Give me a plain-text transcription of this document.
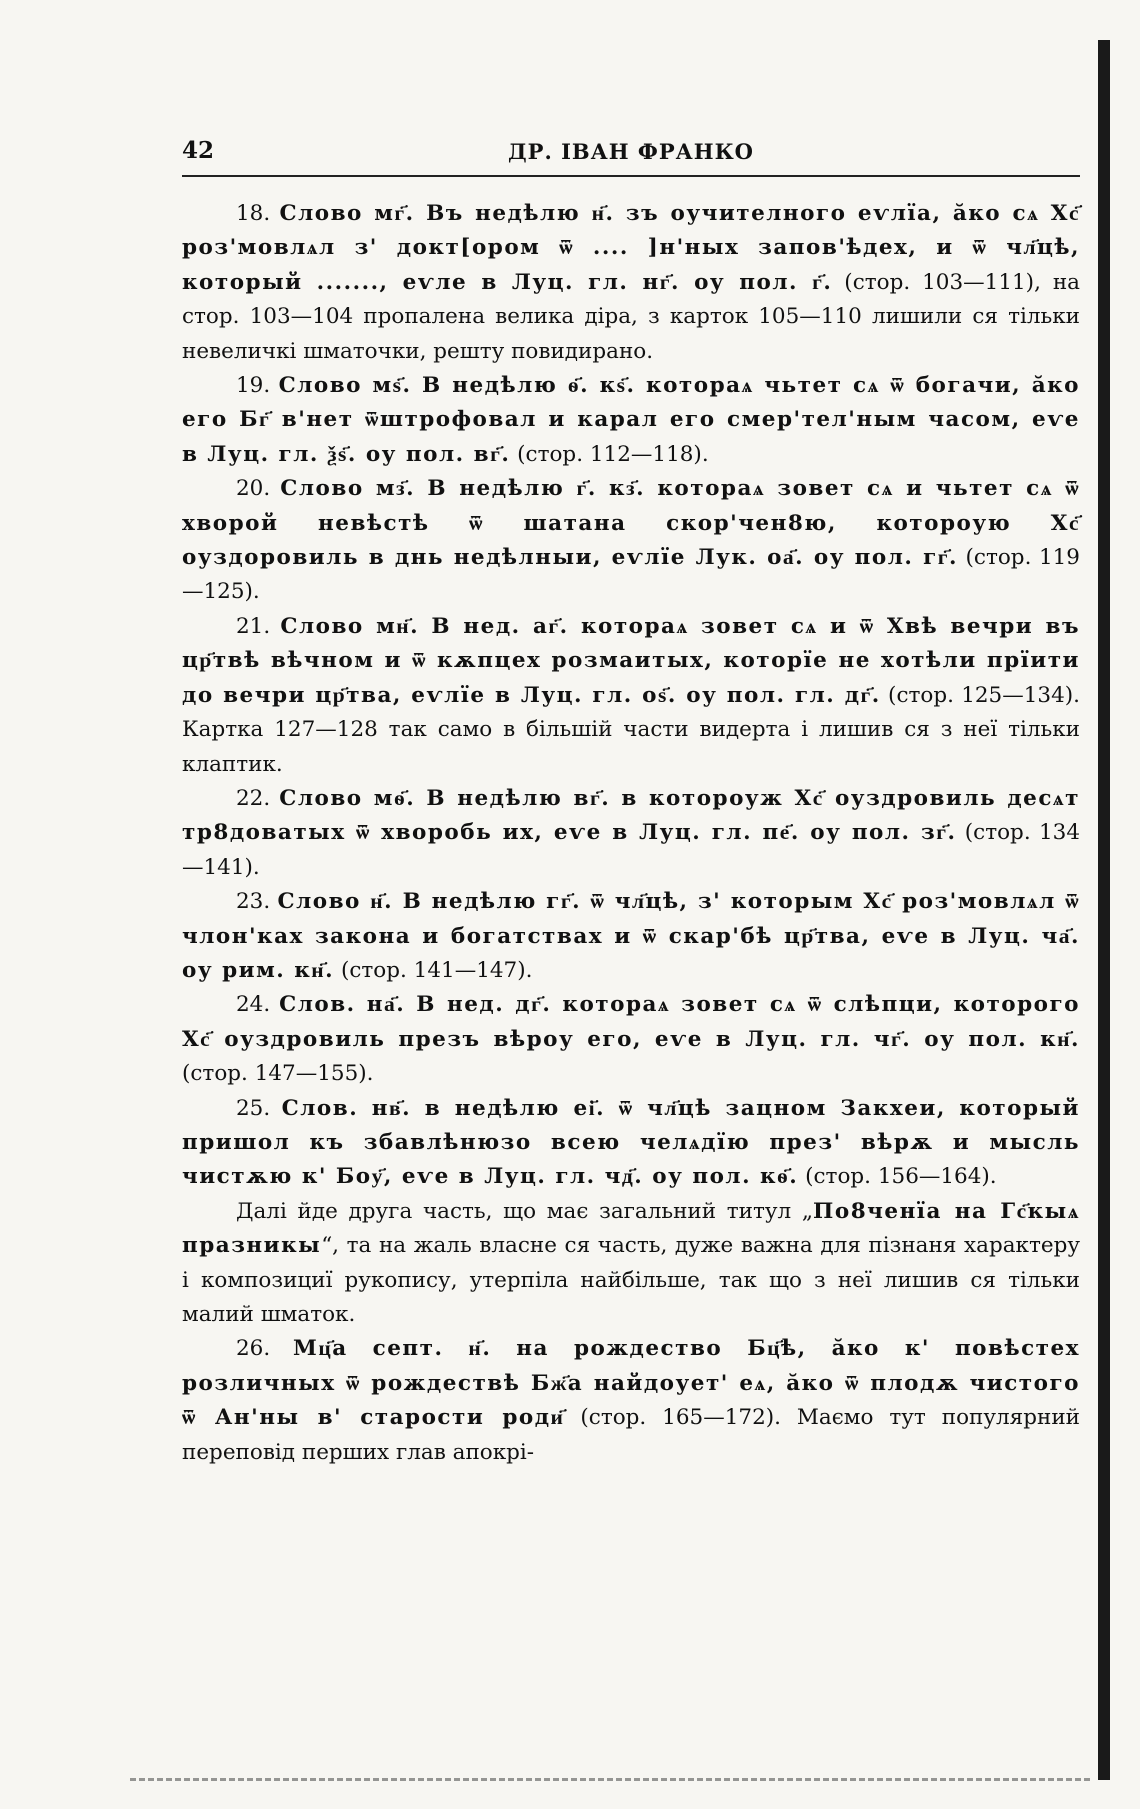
42	ДР. ІВАН ФРАНКО

18. Слово мг҃. Въ недѣлю н҃. зъ оучителного еѵлїа, ӑко сѧ Хс҃ роз'мовлѧл з' докт[ором ѿ .... ]н'ных запов'ѣдех, и ѿ чл҃цѣ, который ......., еѵле в Луц. гл. нг҃. оу пол. г҃. (стор. 103—111), на стор. 103—104 пропалена велика діра, з карток 105—110 лишили ся тільки невеличкі шматочки, решту повидирано.

19. Слово мѕ҃. В недѣлю ѳ҃. кѕ҃. котораѧ чьтет сѧ ѿ богачи, ӑко его Бг҃ в'нет ѿштрофовал и карал его смер'тел'ным часом, еѵе в Луц. гл. ѯѕ҃. оу пол. вг҃. (стор. 112—118).

20. Слово мз҃. В недѣлю г҃. кз҃. котораѧ зовет сѧ и чьтет сѧ ѿ хворой невѣстѣ ѿ шатана скор'чен8ю, котороую Хс҃ оуздоровиль в днь недѣлныи, еѵлїе Лук. оа҃. оу пол. гг҃. (стор. 119—125).

21. Слово мн҃. В нед. аг҃. котораѧ зовет сѧ и ѿ Хвѣ вечри въ цр҃твѣ вѣчном и ѿ кѫпцех розмаитых, которїе не хотѣли прїити до вечри цр҃тва, еѵлїе в Луц. гл. оѕ҃. оу пол. гл. дг҃. (стор. 125—134). Картка 127—128 так само в більшій части видерта і лишив ся з неї тільки клаптик.

22. Слово мѳ҃. В недѣлю вг҃. в котороуж Хс҃ оуздровиль десѧт тр8доватых ѿ хворобь их, еѵе в Луц. гл. пе҃. оу пол. зг҃. (стор. 134—141).

23. Слово н҃. В недѣлю гг҃. ѿ чл҃цѣ, з' которым Хс҃ роз'мовлѧл ѿ члон'ках закона и богатствах и ѿ скар'бѣ цр҃тва, еѵе в Луц. ча҃. оу рим. кн҃. (стор. 141—147).

24. Слов. на҃. В нед. дг҃. котораѧ зовет сѧ ѿ слѣпци, которого Хс҃ оуздровиль презъ вѣроу его, еѵе в Луц. гл. чг҃. оу пол. кн҃. (стор. 147—155).

25. Слов. нв҃. в недѣлю еі҃. ѿ чл҃цѣ зацном Закхеи, который пришол къ збавлѣнюзо всею челѧдїю през' вѣрѫ и мысль чистѫю к' Боу҃, еѵе в Луц. гл. чд҃. оу пол. кѳ҃. (стор. 156—164).

Далі йде друга часть, що має загальний титул „По8ченїа на Гс҃кыѧ празникы“, та на жаль власне ся часть, дуже важна для пізнаня характеру і композициї рукопису, утерпіла найбільше, так що з неї лишив ся тільки малий шматок.

26. Мц҃а септ. н҃. на рождество Бц҃ѣ, ӑко к' повѣстех розличных ѿ рождествѣ Бж҃а найдоует' еѧ, ӑко ѿ плодѫ чистого ѿ Ан'ны в' старости роди҃ (стор. 165—172). Маємо тут популярний переповід перших глав апокрі-
